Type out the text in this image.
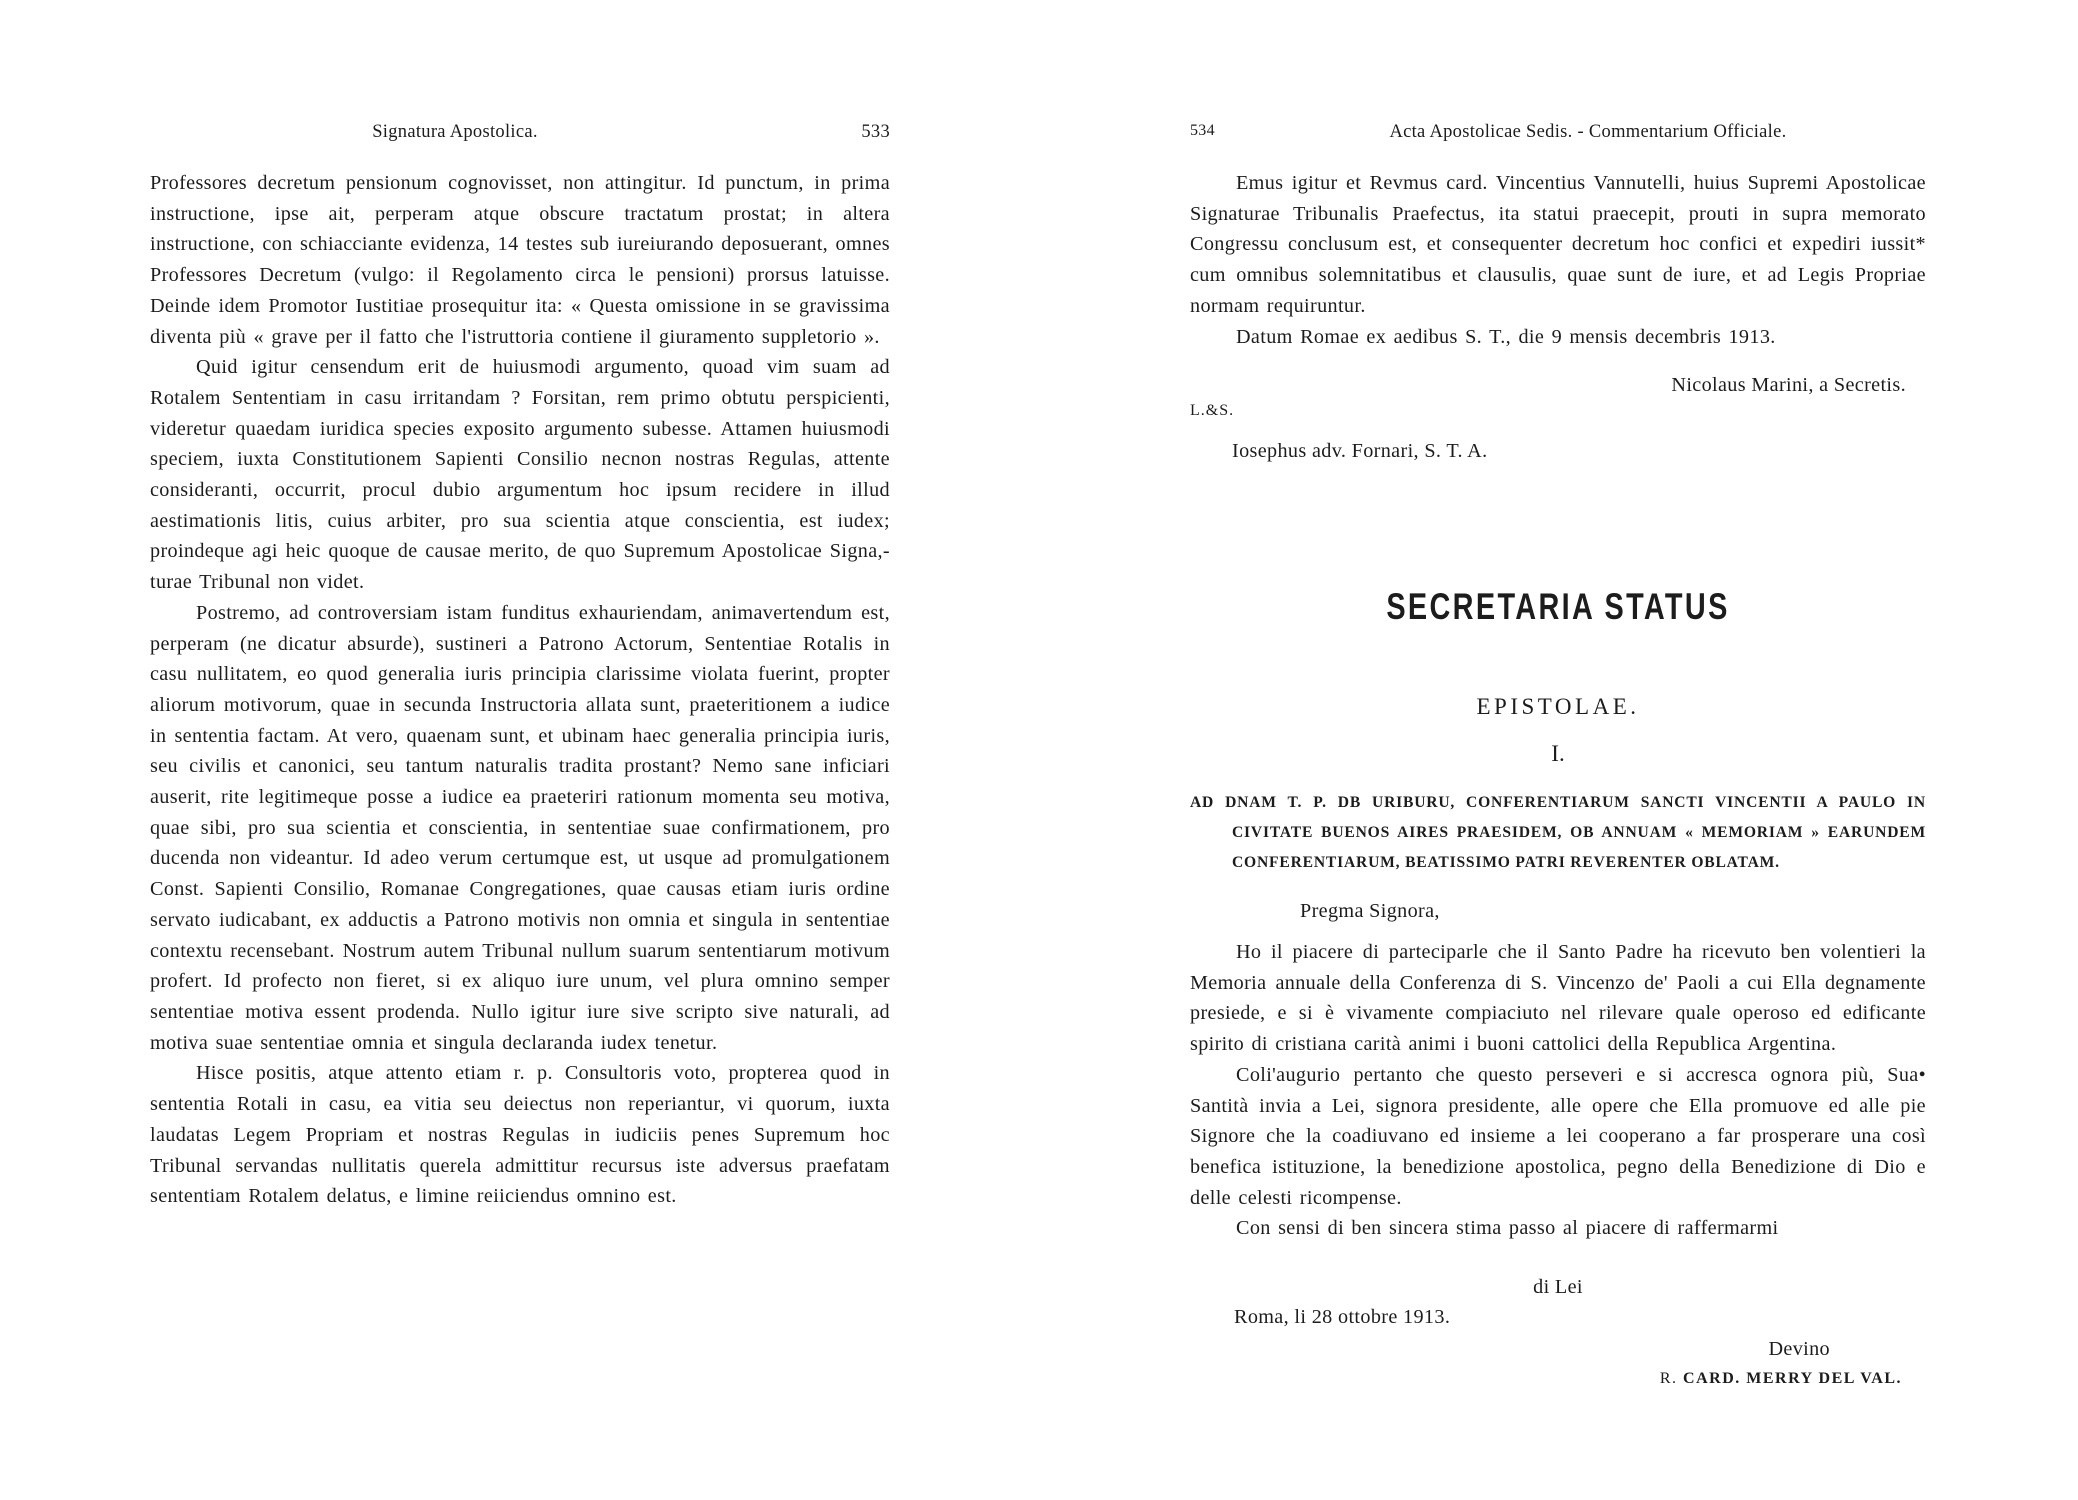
Signatura Apostolica.	533

Professores decretum pensionum cognovisset, non attingitur. Id punctum, in prima instructione, ipse ait, perperam atque obscure tractatum prostat; in altera instructione, con schiacciante evidenza, 14 testes sub iureiurando deposuerant, omnes Professores Decretum (vulgo: il Regolamento circa le pensioni) prorsus latuisse. Deinde idem Promotor Iustitiae prosequitur ita: « Questa omissione in se gravissima diventa più « grave per il fatto che l'istruttoria contiene il giuramento suppletorio ».

Quid igitur censendum erit de huiusmodi argumento, quoad vim suam ad Rotalem Sententiam in casu irritandam ? Forsitan, rem primo obtutu perspicienti, videretur quaedam iuridica species exposito argumento subesse. Attamen huiusmodi speciem, iuxta Constitutionem Sapienti Consilio necnon nostras Regulas, attente consideranti, occurrit, procul dubio argumentum hoc ipsum recidere in illud aestimationis litis, cuius arbiter, pro sua scientia atque conscientia, est iudex; proindeque agi heic quoque de causae merito, de quo Supremum Apostolicae Signa,- turae Tribunal non videt.

Postremo, ad controversiam istam funditus exhauriendam, animavertendum est, perperam (ne dicatur absurde), sustineri a Patrono Actorum, Sententiae Rotalis in casu nullitatem, eo quod generalia iuris principia clarissime violata fuerint, propter aliorum motivorum, quae in secunda Instructoria allata sunt, praeteritionem a iudice in sententia factam. At vero, quaenam sunt, et ubinam haec generalia principia iuris, seu civilis et canonici, seu tantum naturalis tradita prostant? Nemo sane inficiari auserit, rite legitimeque posse a iudice ea praeteriri rationum momenta seu motiva, quae sibi, pro sua scientia et conscientia, in sententiae suae confirmationem, pro ducenda non videantur. Id adeo verum certumque est, ut usque ad promulgationem Const. Sapienti Consilio, Romanae Congregationes, quae causas etiam iuris ordine servato iudicabant, ex adductis a Patrono motivis non omnia et singula in sententiae contextu recensebant. Nostrum autem Tribunal nullum suarum sententiarum motivum profert. Id profecto non fieret, si ex aliquo iure unum, vel plura omnino semper sententiae motiva essent prodenda. Nullo igitur iure sive scripto sive naturali, ad motiva suae sententiae omnia et singula declaranda iudex tenetur.

Hisce positis, atque attento etiam r. p. Consultoris voto, propterea quod in sententia Rotali in casu, ea vitia seu deiectus non reperiantur, vi quorum, iuxta laudatas Legem Propriam et nostras Regulas in iudiciis penes Supremum hoc Tribunal servandas nullitatis querela admittitur recursus iste adversus praefatam sententiam Rotalem delatus, e limine reiiciendus omnino est.

534	Acta Apostolicae Sedis. - Commentarium Officiale.

Emus igitur et Revmus card. Vincentius Vannutelli, huius Supremi Apostolicae Signaturae Tribunalis Praefectus, ita statui praecepit, prouti in supra memorato Congressu conclusum est, et consequenter decretum hoc confici et expediri iussit* cum omnibus solemnitatibus et clausulis, quae sunt de iure, et ad Legis Propriae normam requiruntur.

Datum Romae ex aedibus S. T., die 9 mensis decembris 1913.

Nicolaus Marini, a Secretis.
L.&S.
Iosephus adv. Fornari, S. T. A.
SECRETARIA STATUS
EPISTOLAE.
I.

AD DNAM T. P. DB URIBURU, CONFERENTIARUM SANCTI VINCENTII A PAULO IN CIVITATE BUENOS AIRES PRAESIDEM, OB ANNUAM « MEMORIAM » EARUNDEM CONFERENTIARUM, BEATISSIMO PATRI REVERENTER OBLATAM.

Pregma Signora,

Ho il piacere di parteciparle che il Santo Padre ha ricevuto ben volentieri la Memoria annuale della Conferenza di S. Vincenzo de' Paoli a cui Ella degnamente presiede, e si è vivamente compiaciuto nel rilevare quale operoso ed edificante spirito di cristiana carità animi i buoni cattolici della Republica Argentina.

Coli'augurio pertanto che questo perseveri e si accresca ognora più, Sua• Santità invia a Lei, signora presidente, alle opere che Ella promuove ed alle pie Signore che la coadiuvano ed insieme a lei cooperano a far prosperare una così benefica istituzione, la benedizione apostolica, pegno della Benedizione di Dio e delle celesti ricompense.

Con sensi di ben sincera stima passo al piacere di raffermarmi

di Lei
Roma, li 28 ottobre 1913.
Devino
R. CARD. MERRY DEL VAL.
